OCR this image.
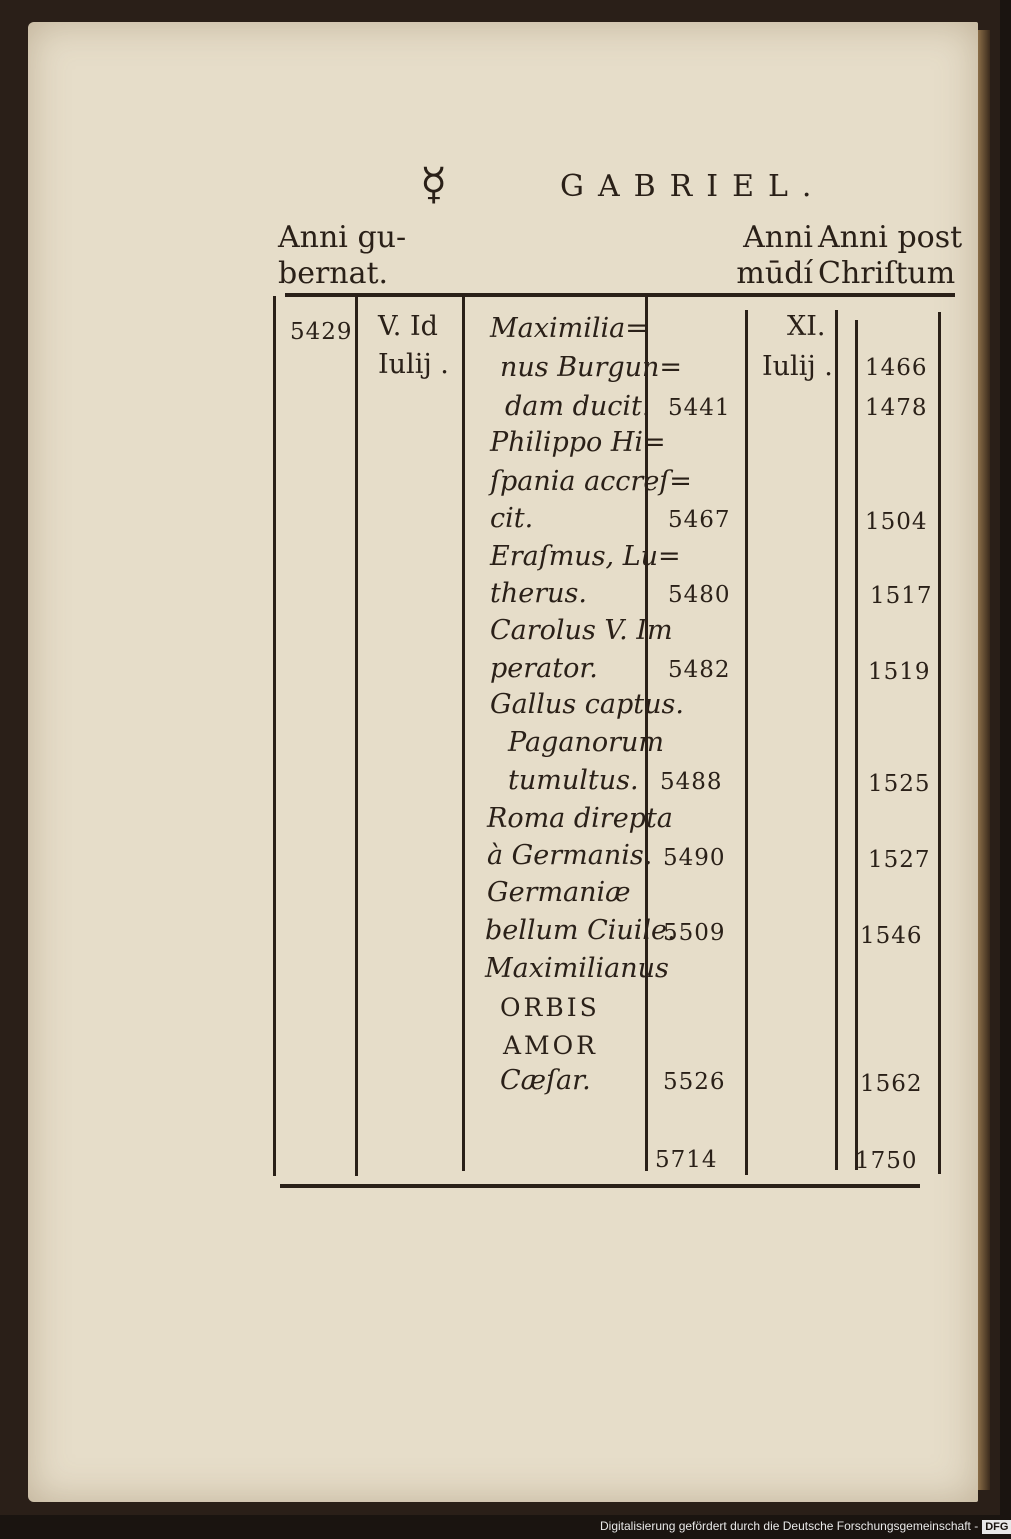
☿	GABRIEL.
Anni gu-
bernat.
Anni
mūdí
Anni post
Chriſtum
5429 V. Id
Iulij .
XI.
Iulij .
Maximilia=
nus Burgun=
dam ducit.
Philippo Hi=
ſpania accreſ=
cit.
Eraſmus, Lu=
therus.
Carolus V. Im
perator.
Gallus captus.
Paganorum
tumultus.
Roma direpta
à Germanis.
Germaniæ
bellum Ciuile.
Maximilianus
ORBIS
AMOR
Cæſar.
5441
5467
5480
5482
5488
5490
5509
5526
5714
1466
1478
1504
1517
1519
1525
1527
1546
1562
1750
Digitalisierung gefördert durch die Deutsche Forschungsgemeinschaft - DFG
